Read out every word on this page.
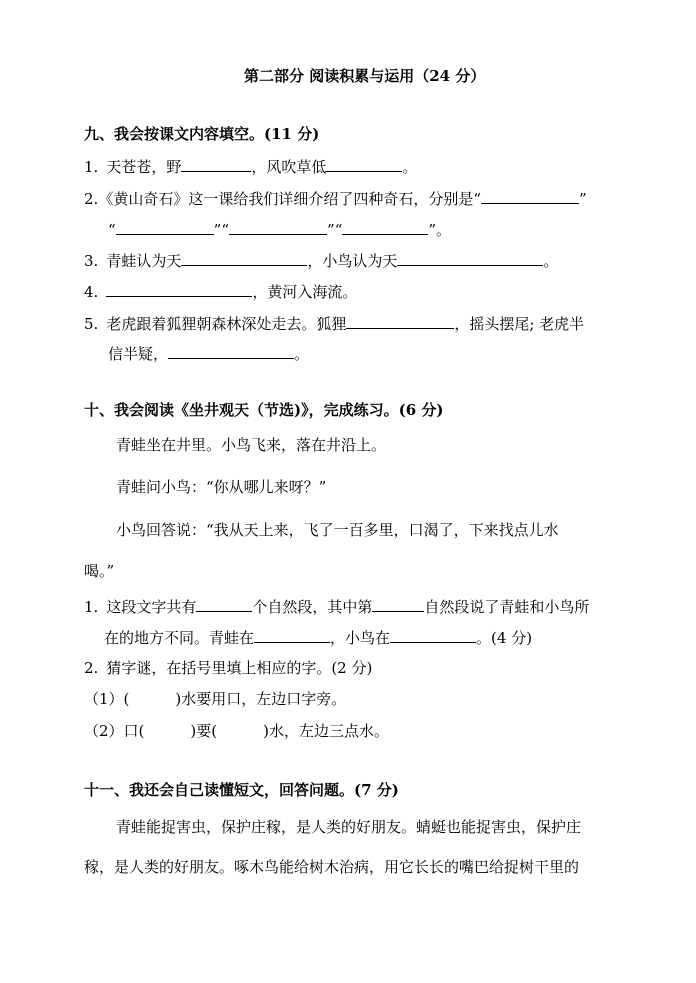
第二部分 阅读积累与运用（24 分）
九、我会按课文内容填空。(11 分)
1. 天苍苍，野	，风吹草低	。
2.《黄山奇石》这一课给我们详细介绍了四种奇石，分别是“	”
“	”“	”“	”。
3. 青蛙认为天	，小鸟认为天	。
4.	，黄河入海流。
5. 老虎跟着狐狸朝森林深处走去。狐狸	，摇头摆尾; 老虎半
信半疑，	。
十、我会阅读《坐井观天（节选)》，完成练习。(6 分)
青蛙坐在井里。小鸟飞来，落在井沿上。
青蛙问小鸟：“你从哪儿来呀？”
小鸟回答说：“我从天上来，飞了一百多里，口渴了，下来找点儿水
喝。”
1. 这段文字共有	个自然段，其中第	自然段说了青蛙和小鸟所
在的地方不同。青蛙在	，小鸟在	。(4 分)
2. 猜字谜，在括号里填上相应的字。(2 分)
（1）(	)水要用口，左边口字旁。
（2）口(	)要(	)水，左边三点水。
十一、我还会自己读懂短文，回答问题。(7 分)
青蛙能捉害虫，保护庄稼，是人类的好朋友。蜻蜓也能捉害虫，保护庄
稼，是人类的好朋友。啄木鸟能给树木治病，用它长长的嘴巴给捉树干里的
